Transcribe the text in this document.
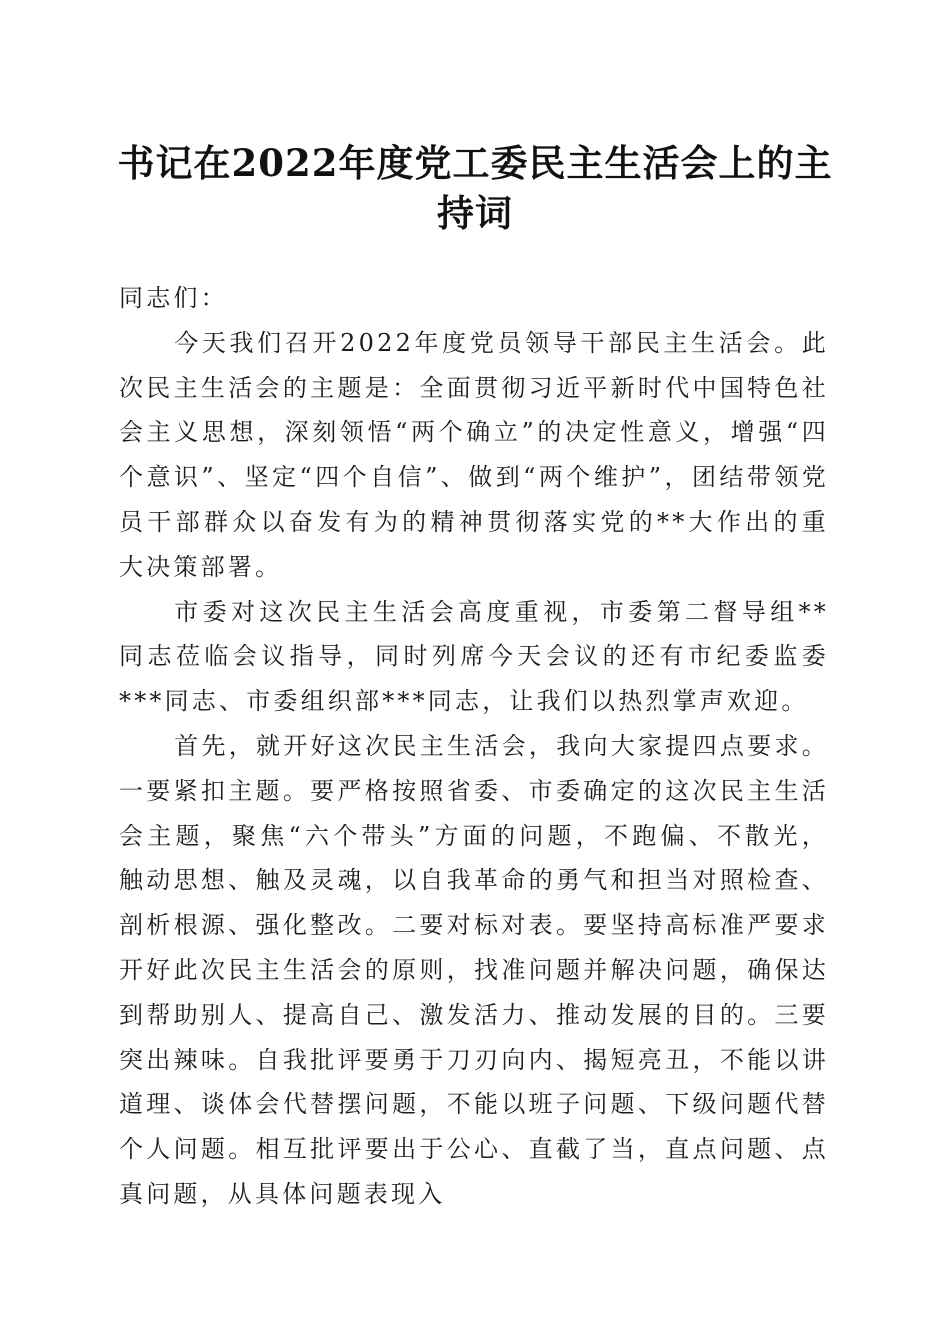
书记在2022年度党工委民主生活会上的主持词

同志们：

今天我们召开2022年度党员领导干部民主生活会。此次民主生活会的主题是：全面贯彻习近平新时代中国特色社会主义思想，深刻领悟“两个确立”的决定性意义，增强“四个意识”、坚定“四个自信”、做到“两个维护”，团结带领党员干部群众以奋发有为的精神贯彻落实党的**大作出的重大决策部署。

市委对这次民主生活会高度重视，市委第二督导组**同志莅临会议指导，同时列席今天会议的还有市纪委监委***同志、市委组织部***同志，让我们以热烈掌声欢迎。

首先，就开好这次民主生活会，我向大家提四点要求。一要紧扣主题。要严格按照省委、市委确定的这次民主生活会主题，聚焦“六个带头”方面的问题，不跑偏、不散光，触动思想、触及灵魂，以自我革命的勇气和担当对照检查、剖析根源、强化整改。二要对标对表。要坚持高标准严要求开好此次民主生活会的原则，找准问题并解决问题，确保达到帮助别人、提高自己、激发活力、推动发展的目的。三要突出辣味。自我批评要勇于刀刃向内、揭短亮丑，不能以讲道理、谈体会代替摆问题，不能以班子问题、下级问题代替个人问题。相互批评要出于公心、直截了当，直点问题、点真问题，从具体问题表现入
